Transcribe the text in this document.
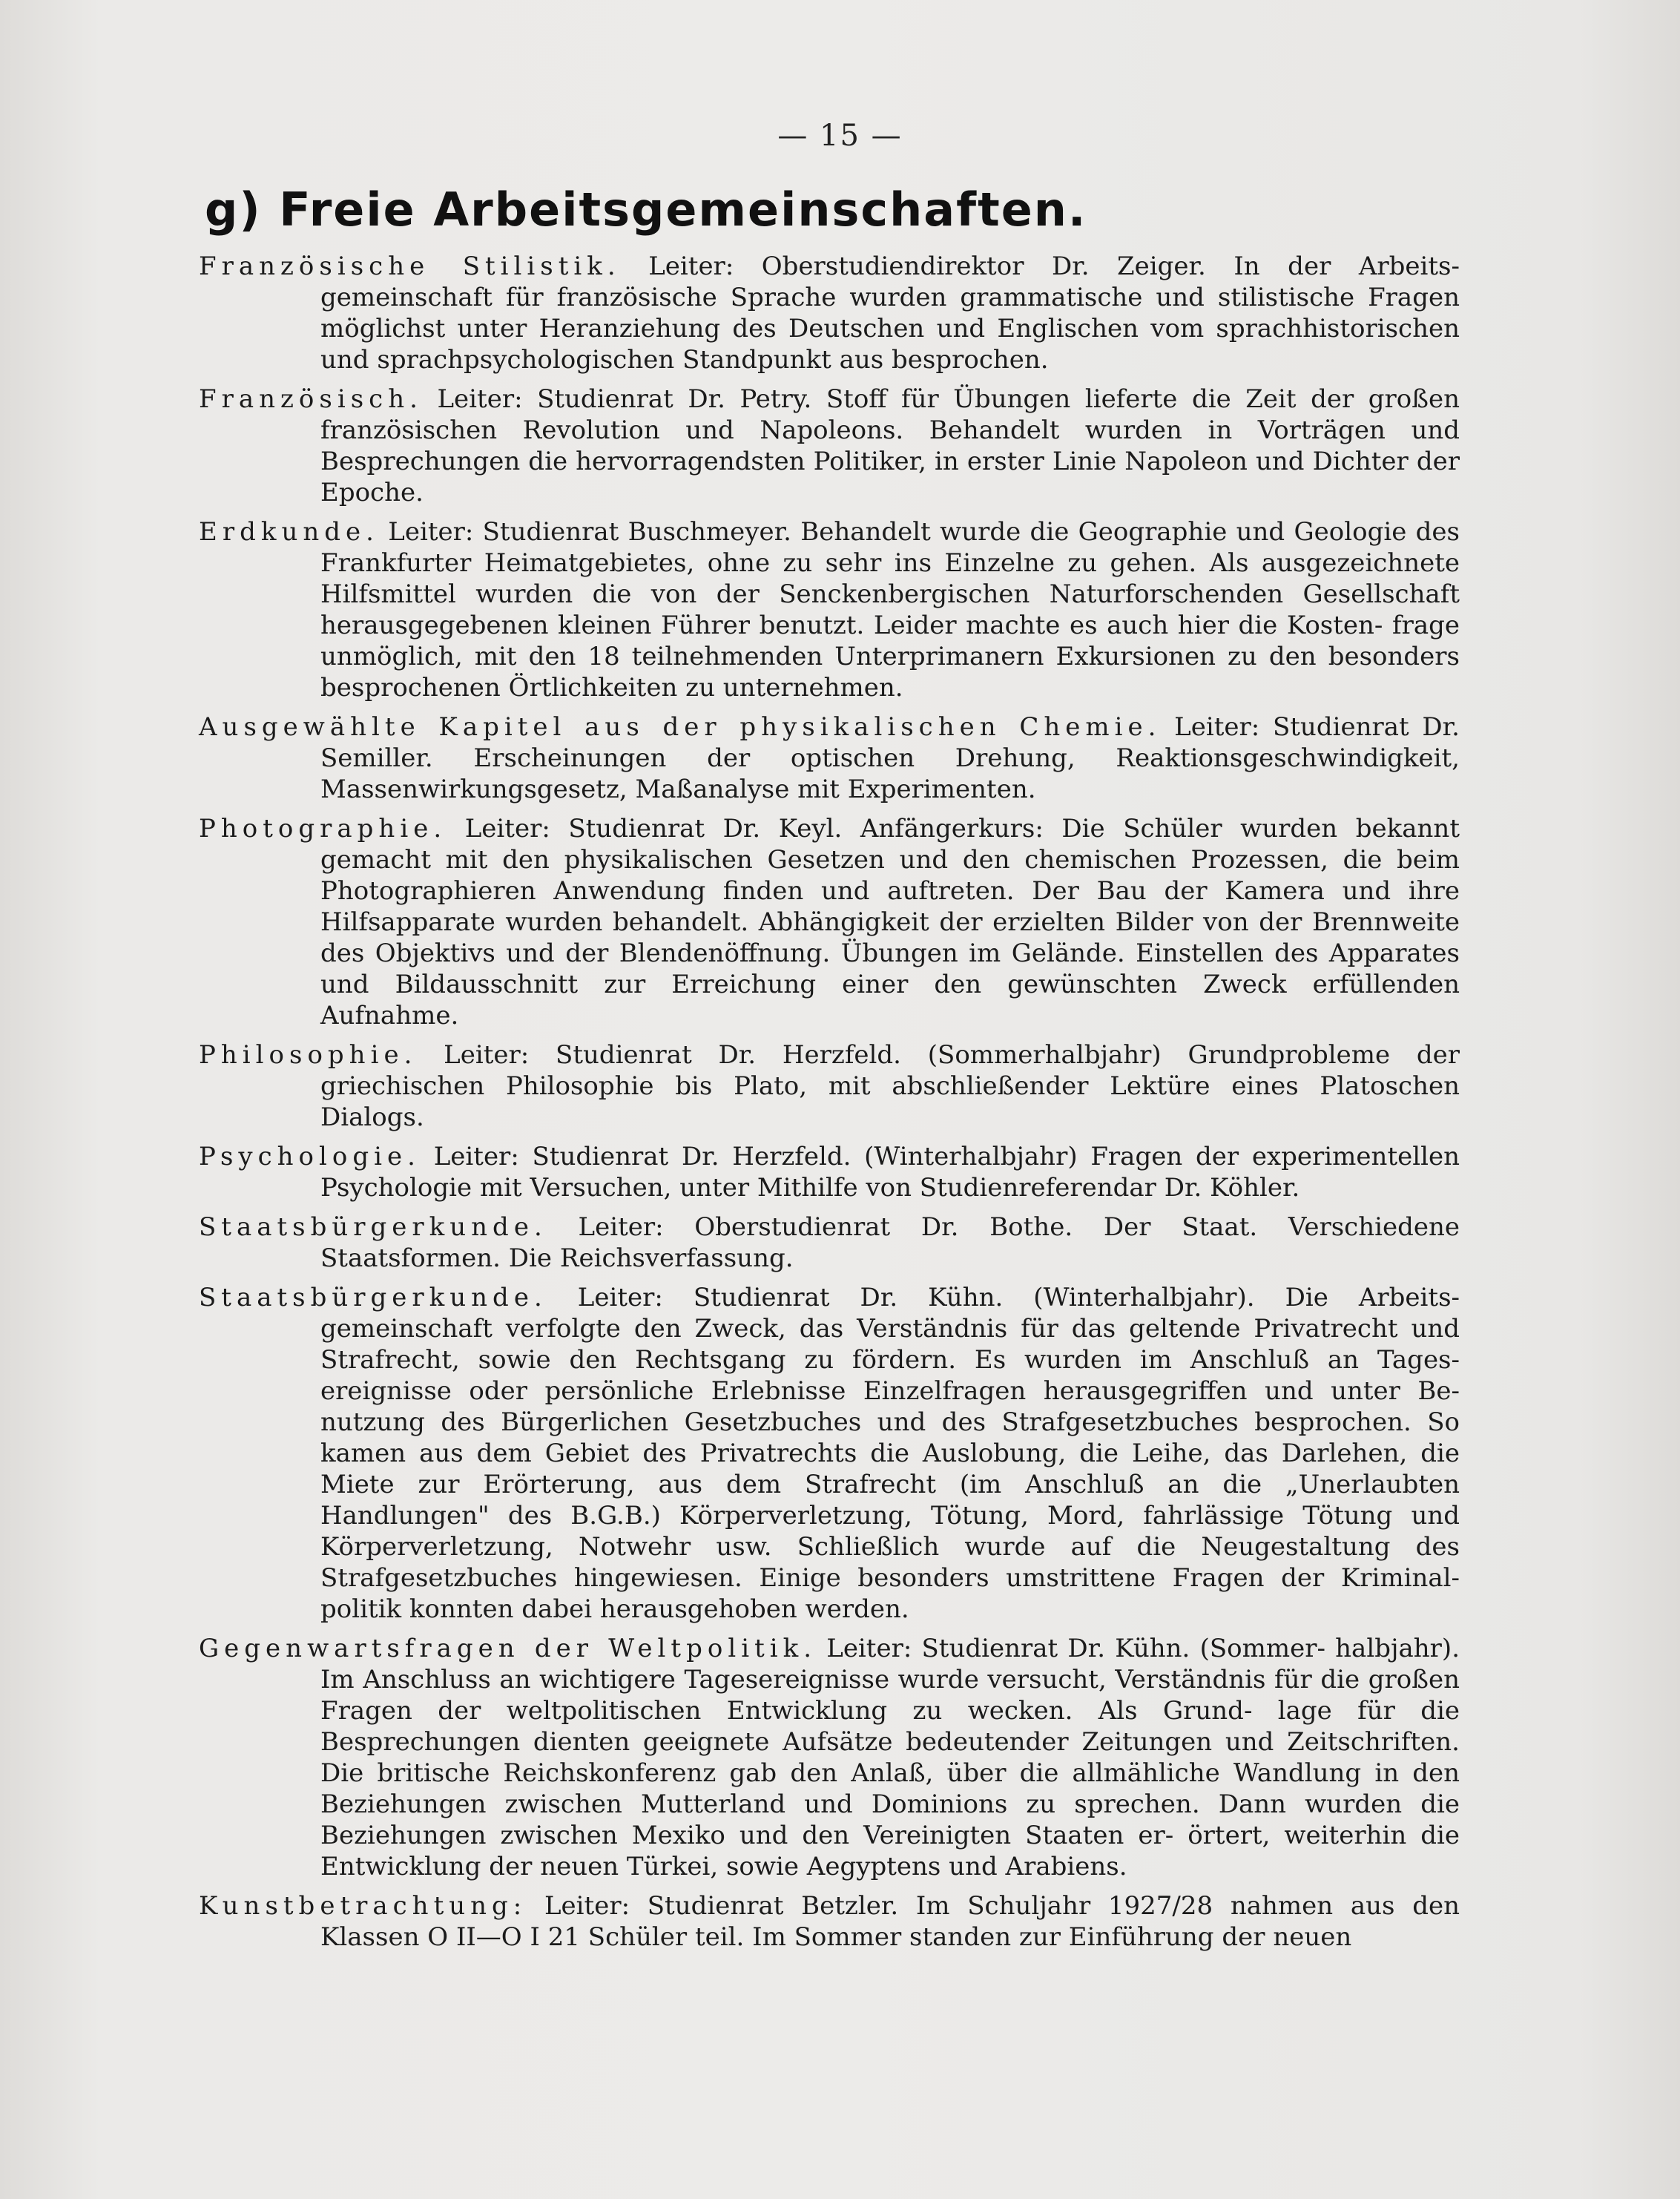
— 15 —
g) Freie Arbeitsgemeinschaften.

Französische Stilistik. Leiter: Oberstudiendirektor Dr. Zeiger. In der Arbeits- gemeinschaft für französische Sprache wurden grammatische und stilistische Fragen möglichst unter Heranziehung des Deutschen und Englischen vom sprachhistorischen und sprachpsychologischen Standpunkt aus besprochen.

Französisch. Leiter: Studienrat Dr. Petry. Stoff für Übungen lieferte die Zeit der großen französischen Revolution und Napoleons. Behandelt wurden in Vorträgen und Besprechungen die hervorragendsten Politiker, in erster Linie Napoleon und Dichter der Epoche.

Erdkunde. Leiter: Studienrat Buschmeyer. Behandelt wurde die Geographie und Geologie des Frankfurter Heimatgebietes, ohne zu sehr ins Einzelne zu gehen. Als ausgezeichnete Hilfsmittel wurden die von der Senckenbergischen Naturforschenden Gesellschaft herausgegebenen kleinen Führer benutzt. Leider machte es auch hier die Kosten- frage unmöglich, mit den 18 teilnehmenden Unterprimanern Exkursionen zu den besonders besprochenen Örtlichkeiten zu unternehmen.

Ausgewählte Kapitel aus der physikalischen Chemie. Leiter: Studienrat Dr. Semiller. Erscheinungen der optischen Drehung, Reaktionsgeschwindigkeit, Massenwirkungsgesetz, Maßanalyse mit Experimenten.

Photographie. Leiter: Studienrat Dr. Keyl. Anfängerkurs: Die Schüler wurden bekannt gemacht mit den physikalischen Gesetzen und den chemischen Prozessen, die beim Photographieren Anwendung finden und auftreten. Der Bau der Kamera und ihre Hilfsapparate wurden behandelt. Abhängigkeit der erzielten Bilder von der Brennweite des Objektivs und der Blendenöffnung. Übungen im Gelände. Einstellen des Apparates und Bildausschnitt zur Erreichung einer den gewünschten Zweck erfüllenden Aufnahme.

Philosophie. Leiter: Studienrat Dr. Herzfeld. (Sommerhalbjahr) Grundprobleme der griechischen Philosophie bis Plato, mit abschließender Lektüre eines Platoschen Dialogs.

Psychologie. Leiter: Studienrat Dr. Herzfeld. (Winterhalbjahr) Fragen der experimentellen Psychologie mit Versuchen, unter Mithilfe von Studienreferendar Dr. Köhler.

Staatsbürgerkunde. Leiter: Oberstudienrat Dr. Bothe. Der Staat. Verschiedene Staatsformen. Die Reichsverfassung.

Staatsbürgerkunde. Leiter: Studienrat Dr. Kühn. (Winterhalbjahr). Die Arbeits- gemeinschaft verfolgte den Zweck, das Verständnis für das geltende Privatrecht und Strafrecht, sowie den Rechtsgang zu fördern. Es wurden im Anschluß an Tages- ereignisse oder persönliche Erlebnisse Einzelfragen herausgegriffen und unter Be- nutzung des Bürgerlichen Gesetzbuches und des Strafgesetzbuches besprochen. So kamen aus dem Gebiet des Privatrechts die Auslobung, die Leihe, das Darlehen, die Miete zur Erörterung, aus dem Strafrecht (im Anschluß an die „Unerlaubten Handlungen" des B.G.B.) Körperverletzung, Tötung, Mord, fahrlässige Tötung und Körperverletzung, Notwehr usw. Schließlich wurde auf die Neugestaltung des Strafgesetzbuches hingewiesen. Einige besonders umstrittene Fragen der Kriminal- politik konnten dabei herausgehoben werden.

Gegenwartsfragen der Weltpolitik. Leiter: Studienrat Dr. Kühn. (Sommer- halbjahr). Im Anschluss an wichtigere Tagesereignisse wurde versucht, Verständnis für die großen Fragen der weltpolitischen Entwicklung zu wecken. Als Grund- lage für die Besprechungen dienten geeignete Aufsätze bedeutender Zeitungen und Zeitschriften. Die britische Reichskonferenz gab den Anlaß, über die allmähliche Wandlung in den Beziehungen zwischen Mutterland und Dominions zu sprechen. Dann wurden die Beziehungen zwischen Mexiko und den Vereinigten Staaten er- örtert, weiterhin die Entwicklung der neuen Türkei, sowie Aegyptens und Arabiens.

Kunstbetrachtung: Leiter: Studienrat Betzler. Im Schuljahr 1927/28 nahmen aus den Klassen O II—O I 21 Schüler teil. Im Sommer standen zur Einführung der neuen
